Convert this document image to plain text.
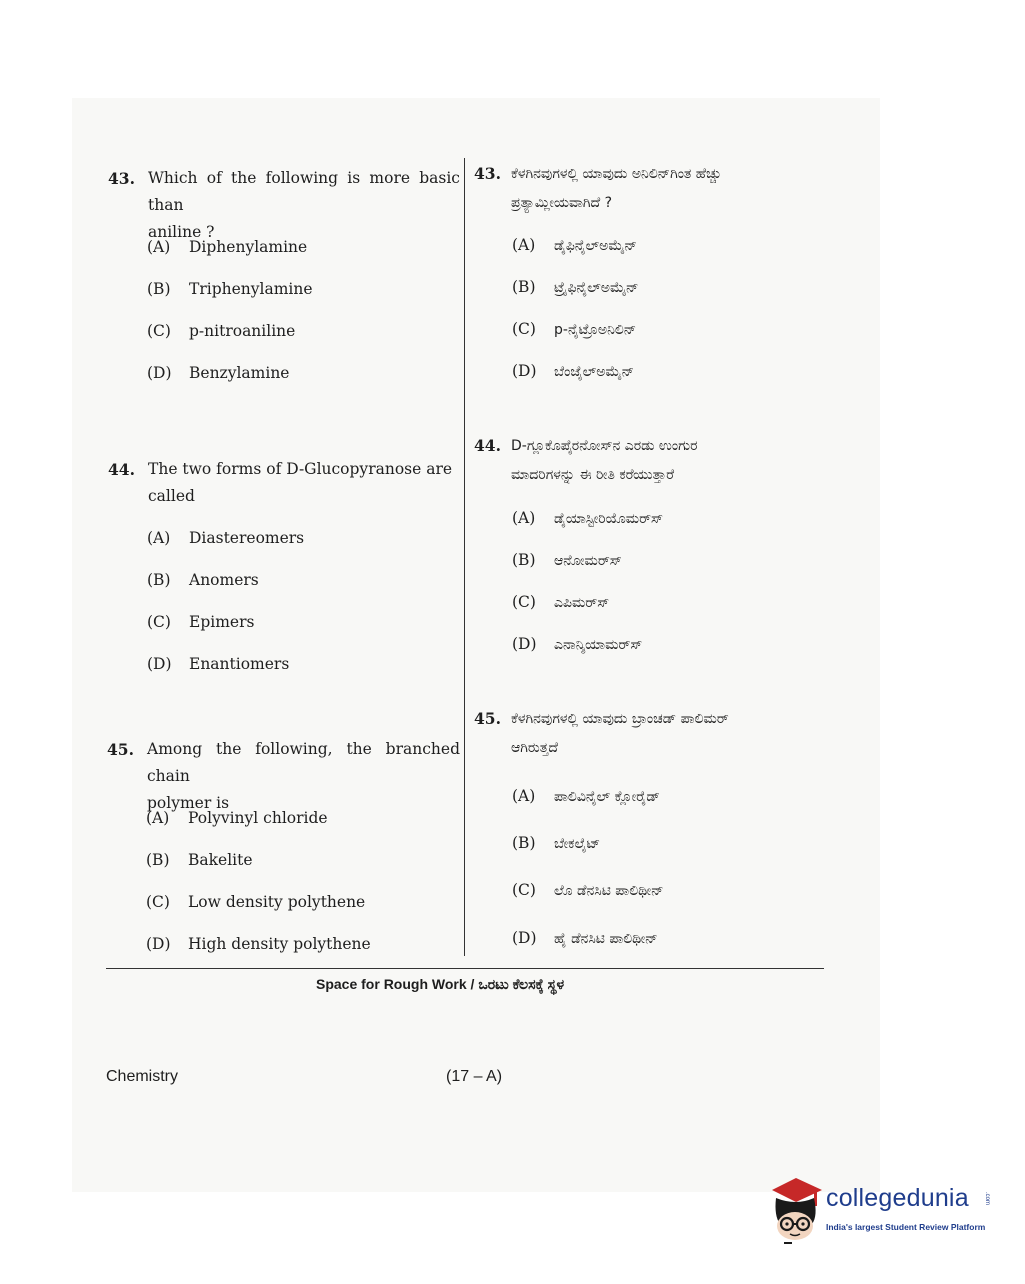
43. Which of the following is more basic than
aniline ?
(A) Diphenylamine
(B) Triphenylamine
(C) p-nitroaniline
(D) Benzylamine
44. The two forms of D-Glucopyranose are
called
(A) Diastereomers
(B) Anomers
(C) Epimers
(D) Enantiomers
45. Among the following, the branched chain
polymer is
(A) Polyvinyl chloride
(B) Bakelite
(C) Low density polythene
(D) High density polythene
43. ಕೆಳಗಿನವುಗಳಲ್ಲಿ ಯಾವುದು ಅನಿಲಿನ್‌ಗಿಂತ ಹೆಚ್ಚು
ಪ್ರತ್ಯಾಮ್ಲೀಯವಾಗಿದೆ ?
(A) ಡೈಫಿನೈಲ್‌ಅಮೈನ್
(B) ಟ್ರೈಫಿನೈಲ್‌ಅಮೈನ್
(C) p-ನೈಟ್ರೊಅನಿಲಿನ್
(D) ಬೆಂಜೈಲ್‌ಅಮೈನ್
44. D-ಗ್ಲೂಕೊಪೈರನೋಸ್‌ನ ಎರಡು ಉಂಗುರ
ಮಾದರಿಗಳನ್ನು ಈ ರೀತಿ ಕರೆಯುತ್ತಾರೆ
(A) ಡೈಯಾಸ್ಟೀರಿಯೊಮರ್‌ಸ್
(B) ಆನೋಮರ್‌ಸ್
(C) ಎಪಿಮರ್‌ಸ್
(D) ಎನಾನ್ಶಿಯಾಮರ್‌ಸ್
45. ಕೆಳಗಿನವುಗಳಲ್ಲಿ ಯಾವುದು ಬ್ರಾಂಚಡ್ ಪಾಲಿಮರ್
ಆಗಿರುತ್ತದೆ
(A) ಪಾಲಿವಿನೈಲ್ ಕ್ಲೋರೈಡ್
(B) ಬೇಕಲೈಟ್
(C) ಲೊ ಡೆನಸಿಟಿ ಪಾಲಿಥೀನ್
(D) ಹೈ ಡೆನಸಿಟಿ ಪಾಲಿಥೀನ್
Space for Rough Work / ಒರಟು ಕೆಲಸಕ್ಕೆ ಸ್ಥಳ
Chemistry	(17 – A)
collegedunia	.com
India's largest Student Review Platform
